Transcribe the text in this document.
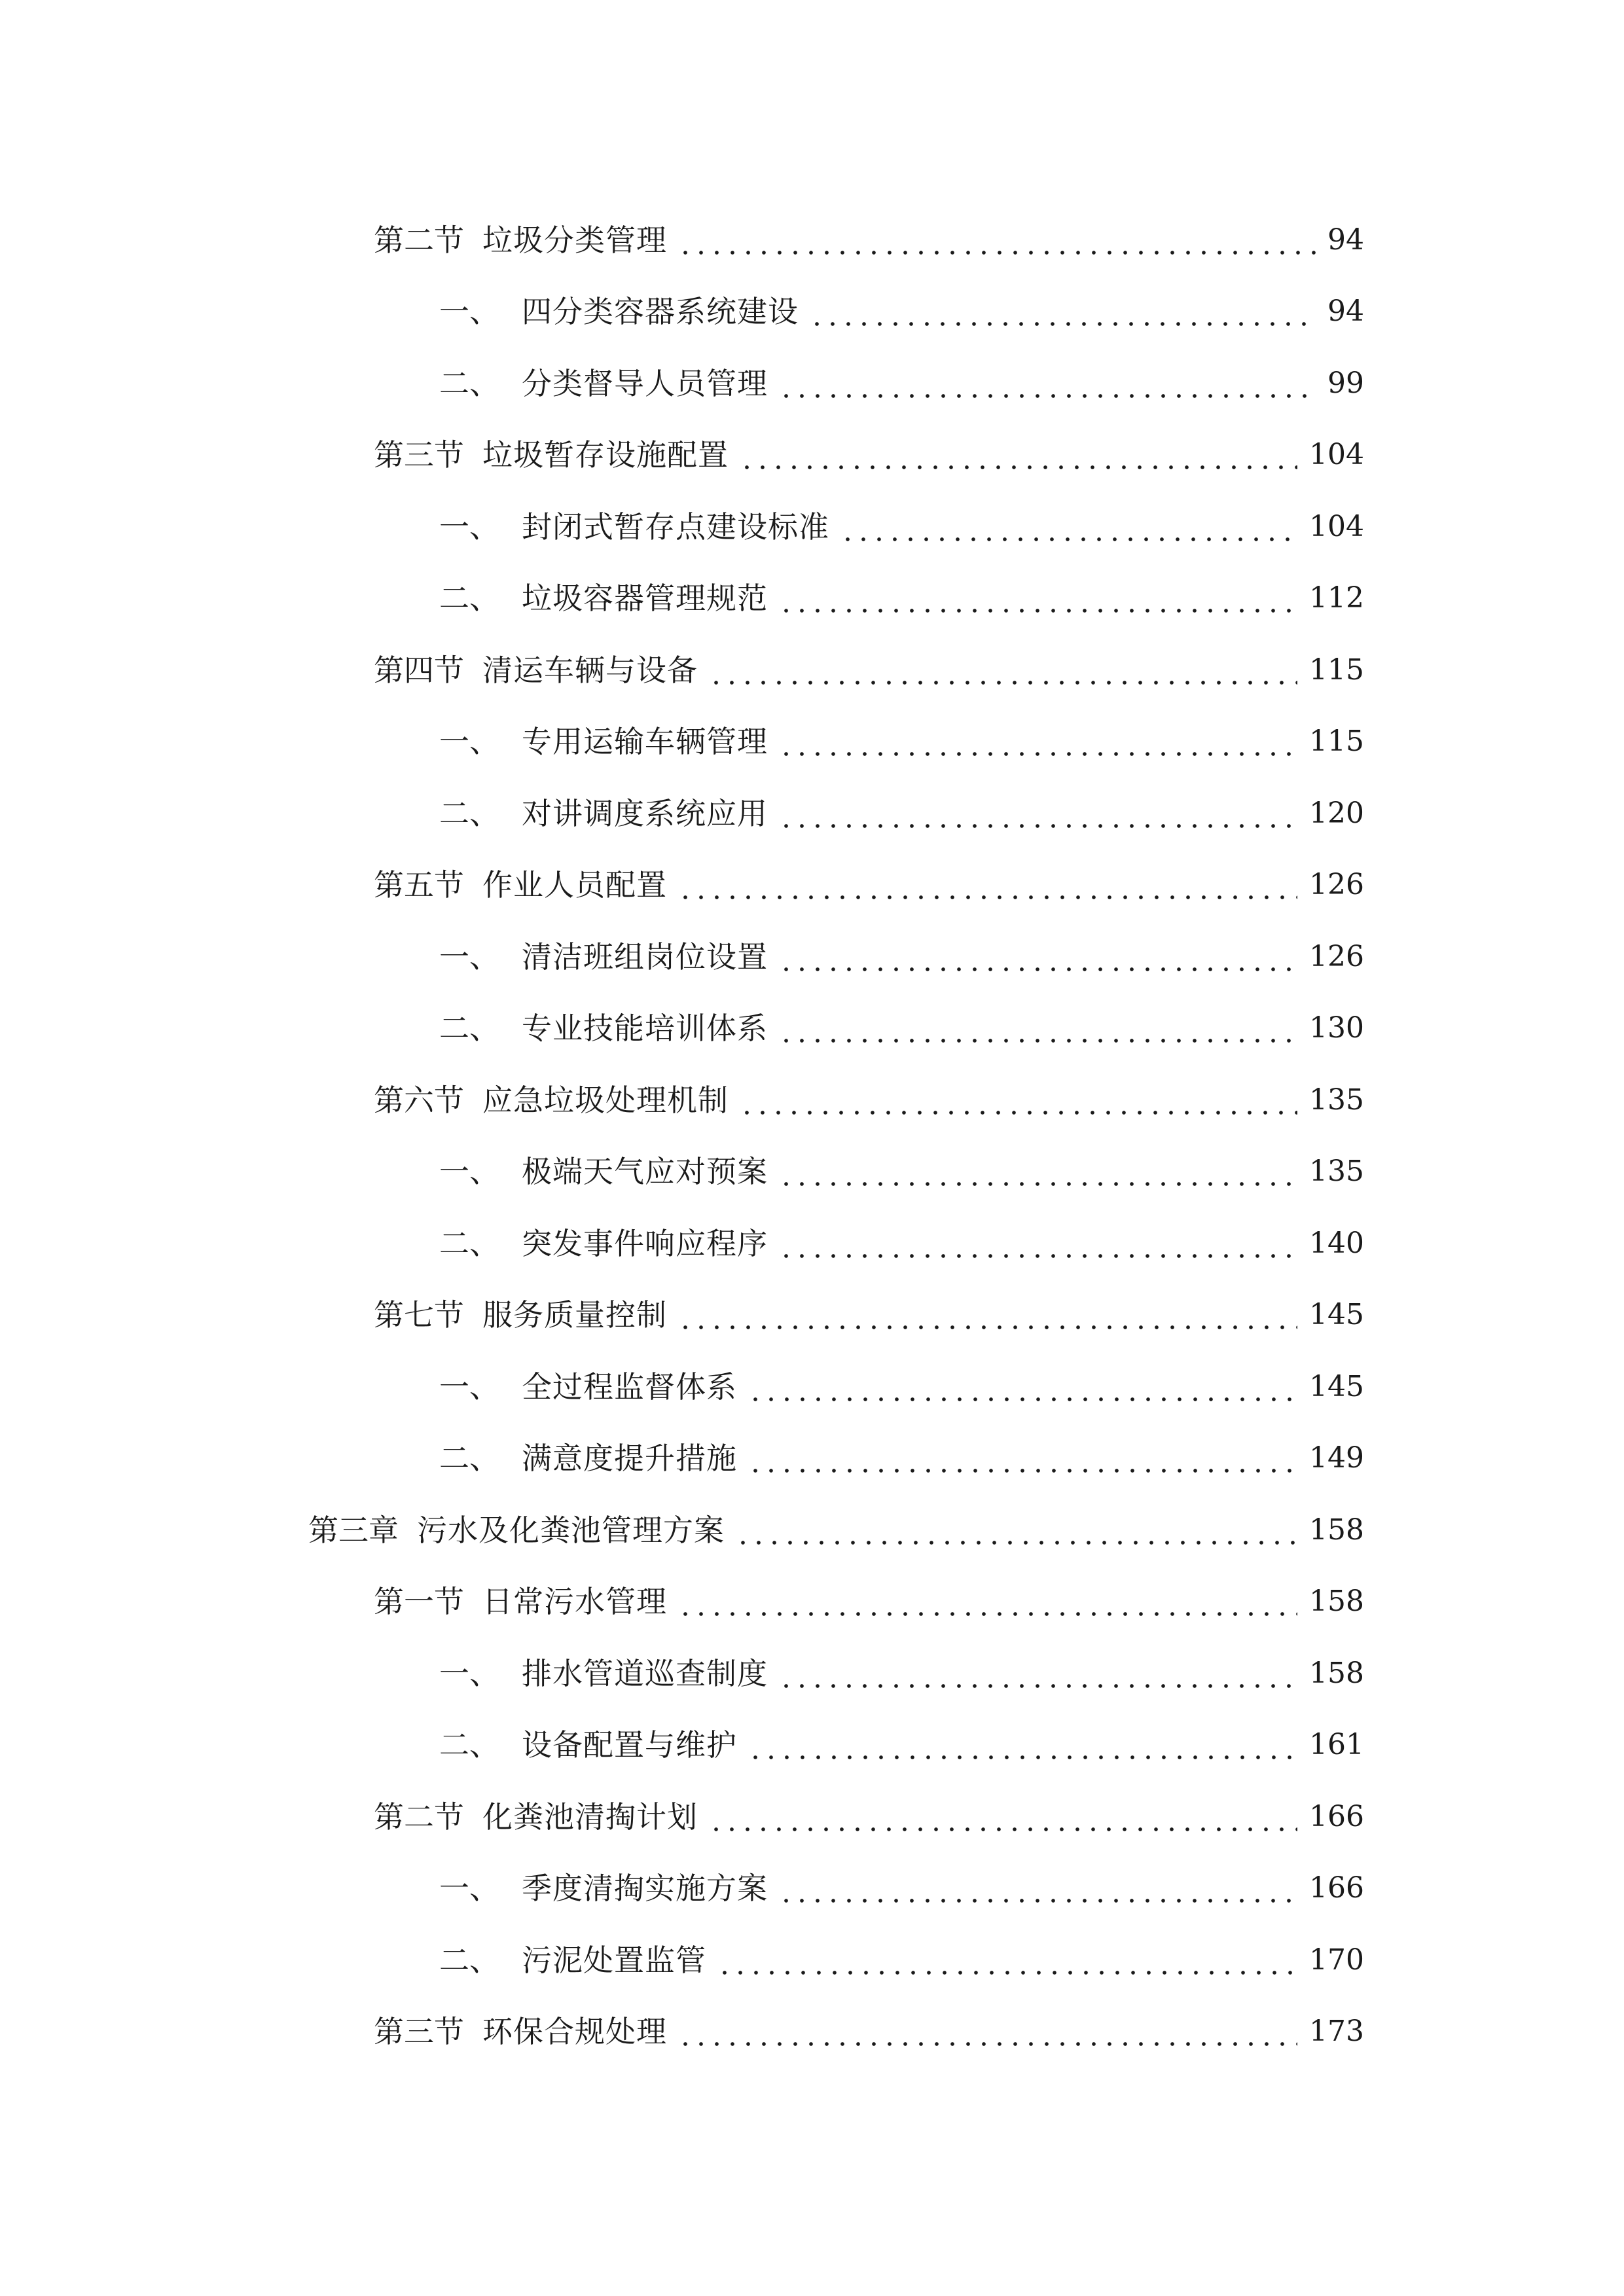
第二节 垃圾分类管理	94
一、 四分类容器系统建设	94
二、 分类督导人员管理	99
第三节 垃圾暂存设施配置	104
一、 封闭式暂存点建设标准	104
二、 垃圾容器管理规范	112
第四节 清运车辆与设备	115
一、 专用运输车辆管理	115
二、 对讲调度系统应用	120
第五节 作业人员配置	126
一、 清洁班组岗位设置	126
二、 专业技能培训体系	130
第六节 应急垃圾处理机制	135
一、 极端天气应对预案	135
二、 突发事件响应程序	140
第七节 服务质量控制	145
一、 全过程监督体系	145
二、 满意度提升措施	149
第三章 污水及化粪池管理方案	158
第一节 日常污水管理	158
一、 排水管道巡查制度	158
二、 设备配置与维护	161
第二节 化粪池清掏计划	166
一、 季度清掏实施方案	166
二、 污泥处置监管	170
第三节 环保合规处理	173
